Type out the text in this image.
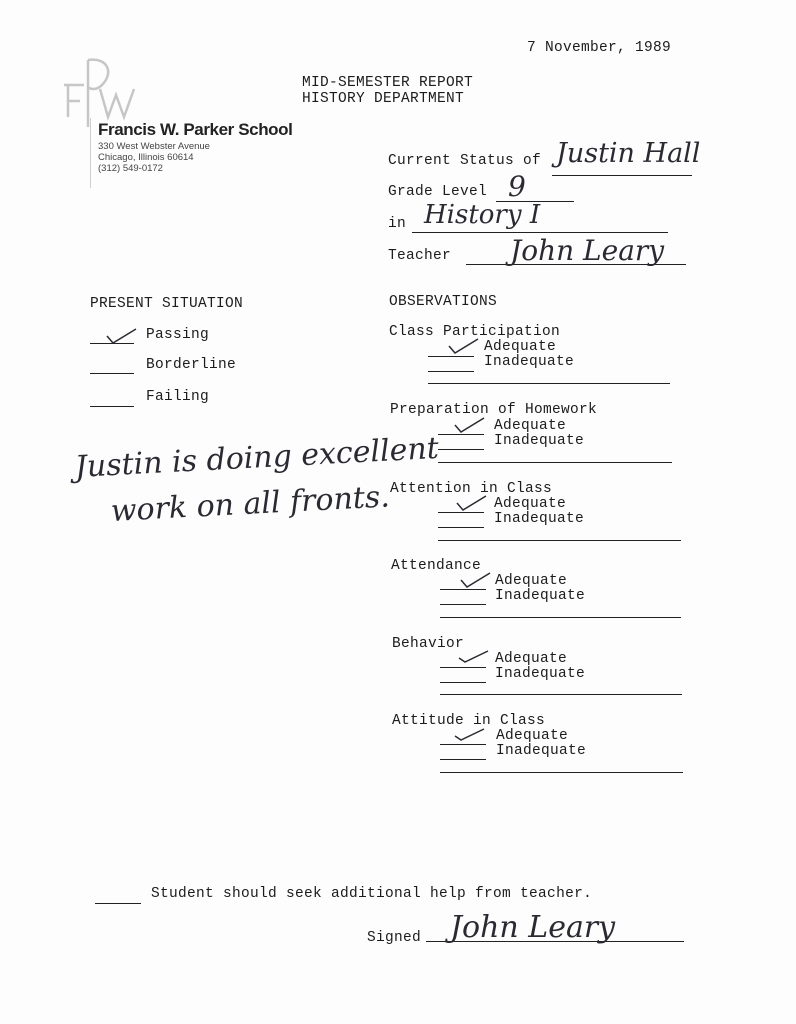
7 November, 1989
MID-SEMESTER REPORT
HISTORY DEPARTMENT
FW Francis W. Parker School
330 West Webster Avenue
Chicago, Illinois 60614
(312) 549-0172	Current Status of Justin Hall
Grade Level 9
in History I
Teacher John Leary
PRESENT SITUATION
Passing
Borderline
Failing
Justin is doing excellent
work on all fronts.
OBSERVATIONS
Class Participation
Adequate
Inadequate
Preparation of Homework
Adequate
Inadequate
Attention in Class
Adequate
Inadequate
Attendance
Adequate
Inadequate
Behavior
Adequate
Inadequate
Attitude in Class
Adequate
Inadequate
Student should seek additional help from teacher.
Signed John Leary
